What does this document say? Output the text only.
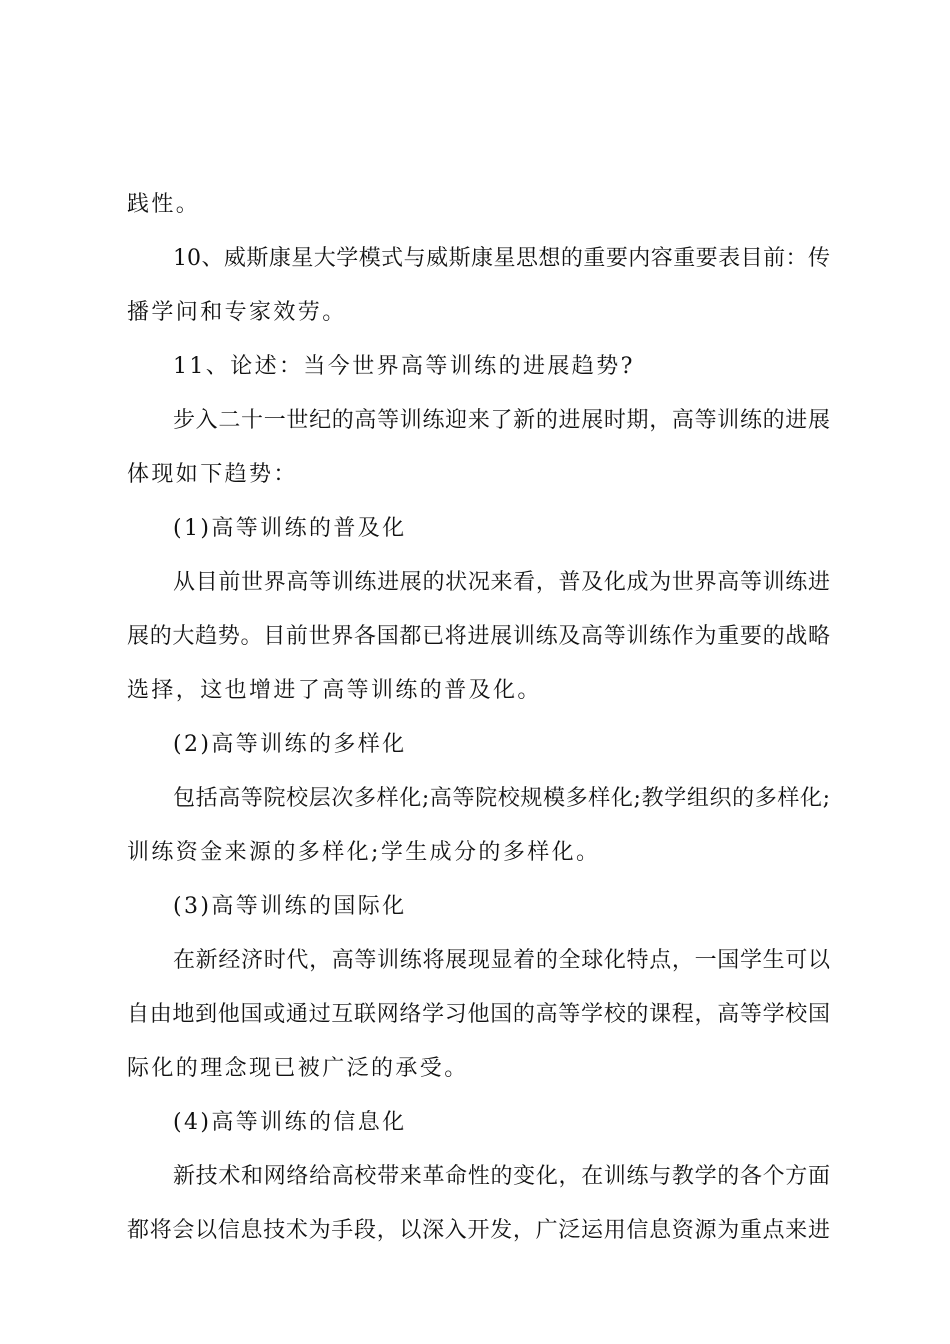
践性。
10、威斯康星大学模式与威斯康星思想的重要内容重要表目前：传
播学问和专家效劳。
11、论述：当今世界高等训练的进展趋势?
步入二十一世纪的高等训练迎来了新的进展时期，高等训练的进展
体现如下趋势：
(1)高等训练的普及化
从目前世界高等训练进展的状况来看，普及化成为世界高等训练进
展的大趋势。目前世界各国都已将进展训练及高等训练作为重要的战略
选择，这也增进了高等训练的普及化。
(2)高等训练的多样化
包括高等院校层次多样化;高等院校规模多样化;教学组织的多样化;
训练资金来源的多样化;学生成分的多样化。
(3)高等训练的国际化
在新经济时代，高等训练将展现显着的全球化特点，一国学生可以
自由地到他国或通过互联网络学习他国的高等学校的课程，高等学校国
际化的理念现已被广泛的承受。
(4)高等训练的信息化
新技术和网络给高校带来革命性的变化，在训练与教学的各个方面
都将会以信息技术为手段，以深入开发，广泛运用信息资源为重点来进
